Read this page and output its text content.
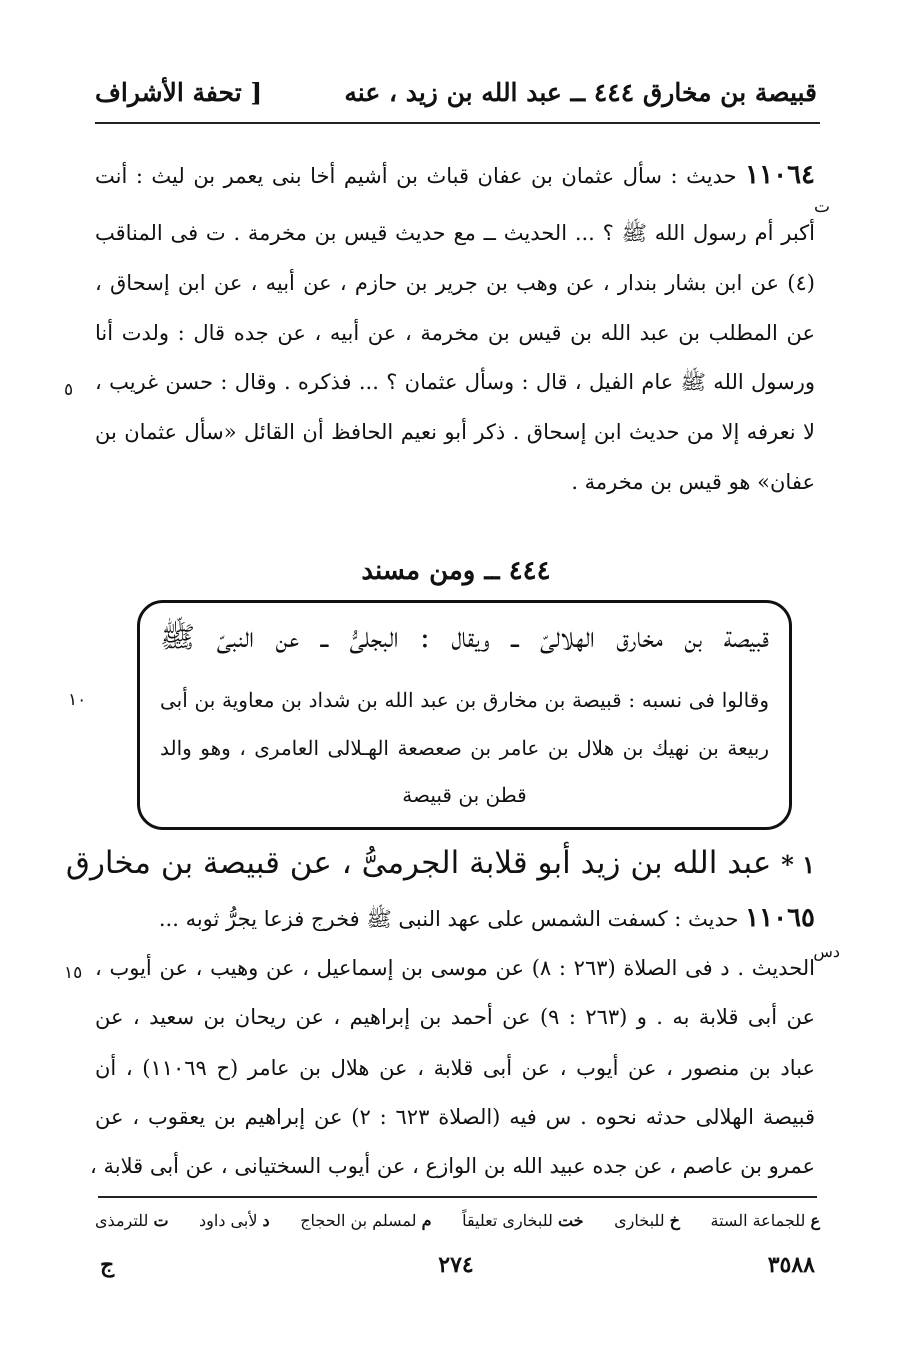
قبيصة بن مخارق ٤٤٤ ــ عبد الله بن زيد ، عنه
[ تحفة الأشراف
١١٠٦٤ حديث : سأل عثمان بن عفان قباث بن أشيم أخا بنى يعمر بن ليث : أنت
ت
أكبر أم رسول الله ﷺ ؟ ... الحديث ــ مع حديث قيس بن مخرمة . ت فى المناقب
(٤) عن ابن بشار بندار ، عن وهب بن جرير بن حازم ، عن أبيه ، عن ابن إسحاق ،
عن المطلب بن عبد الله بن قيس بن مخرمة ، عن أبيه ، عن جده قال : ولدت أنا
ورسول الله ﷺ عام الفيل ، قال : وسأل عثمان ؟ ... فذكره . وقال : حسن غريب ،
٥
لا نعرفه إلا من حديث ابن إسحاق . ذكر أبو نعيم الحافظ أن القائل «سأل عثمان بن
عفان» هو قيس بن مخرمة .
٤٤٤ ــ ومن مسند
قبيصة بن مخارق الهلالىّ ــ ويقال : البجلىُّ ــ عن النبىّ ﷺ
وقالوا فى نسبه : قبيصة بن مخارق بن عبد الله بن شداد بن معاوية بن أبى
ربيعة بن نهيك بن هلال بن عامر بن صعصعة الهـلالى العامرى ، وهو والد
قطن بن قبيصة
١٠
١ * عبد الله بن زيد أبو قلابة الجرمىُّ ، عن قبيصة بن مخارق
١١٠٦٥ حديث : كسفت الشمس على عهد النبى ﷺ فخرج فزعا يجرُّ ثوبه ...
دس
الحديث . د فى الصلاة (٢٦٣ : ٨) عن موسى بن إسماعيل ، عن وهيب ، عن أيوب ،
١٥
عن أبى قلابة به . و (٢٦٣ : ٩) عن أحمد بن إبراهيم ، عن ريحان بن سعيد ، عن
عباد بن منصور ، عن أيوب ، عن أبى قلابة ، عن هلال بن عامر (ح ١١٠٦٩) ، أن
قبيصة الهلالى حدثه نحوه . س فيه (الصلاة ٦٢٣ : ٢) عن إبراهيم بن يعقوب ، عن
عمرو بن عاصم ، عن جده عبيد الله بن الوازع ، عن أيوب السختيانى ، عن أبى قلابة ،
ع للجماعة الستة
خ للبخارى
خت للبخارى تعليقاً
م لمسلم بن الحجاج
د لأبى داود
ت للترمذى
٣٥٨٨
٢٧٤
ج
